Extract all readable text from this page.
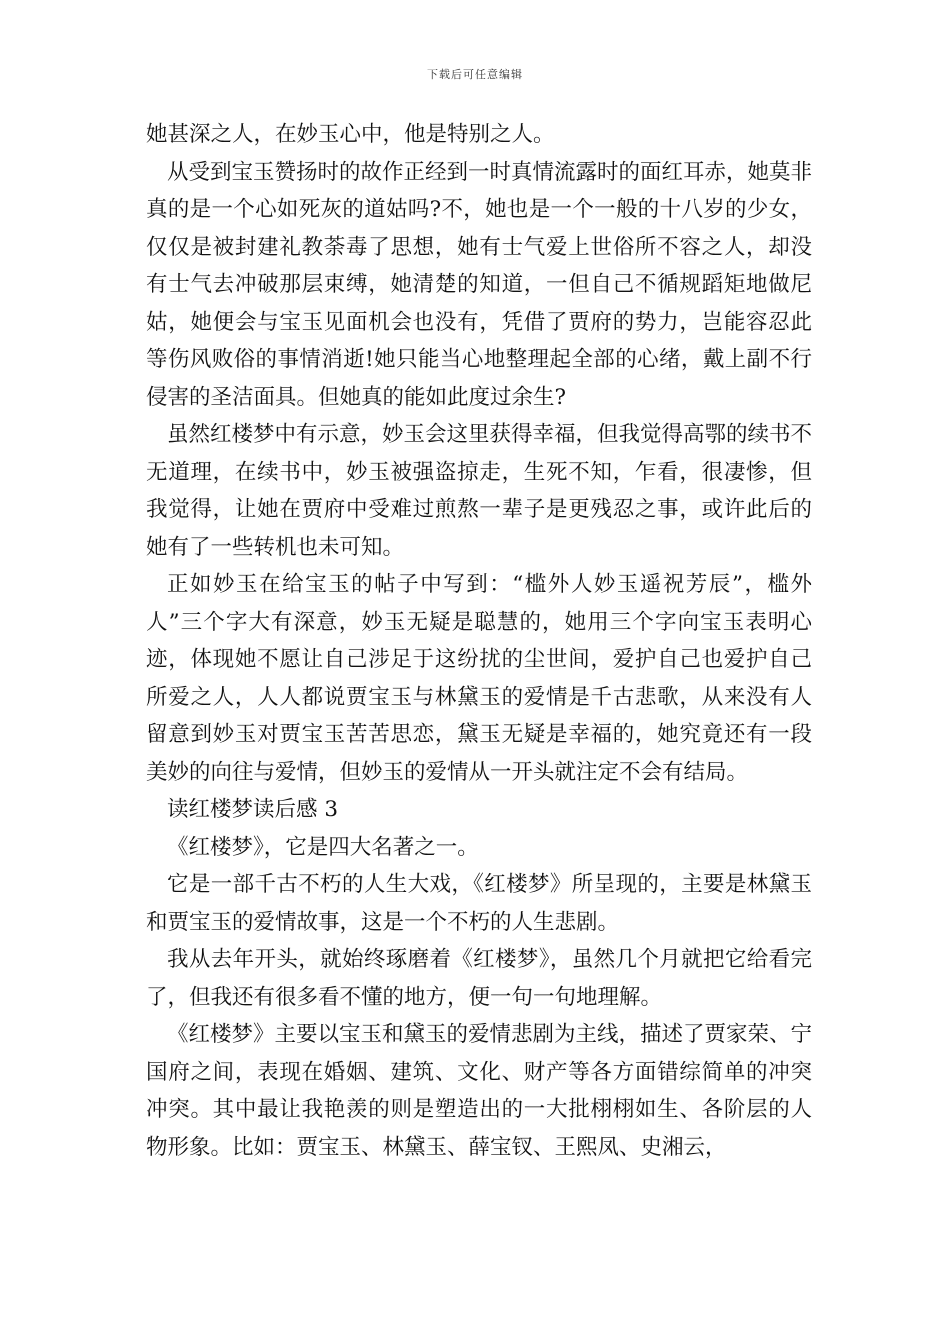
下载后可任意编辑

她甚深之人，在妙玉心中，他是特别之人。

从受到宝玉赞扬时的故作正经到一时真情流露时的面红耳赤，她莫非真的是一个心如死灰的道姑吗?不，她也是一个一般的十八岁的少女，仅仅是被封建礼教荼毒了思想，她有士气爱上世俗所不容之人，却没有士气去冲破那层束缚，她清楚的知道，一但自己不循规蹈矩地做尼姑，她便会与宝玉见面机会也没有，凭借了贾府的势力，岂能容忍此等伤风败俗的事情消逝!她只能当心地整理起全部的心绪，戴上副不行侵害的圣洁面具。但她真的能如此度过余生?

虽然红楼梦中有示意，妙玉会这里获得幸福，但我觉得高鄂的续书不无道理，在续书中，妙玉被强盗掠走，生死不知，乍看，很凄惨，但我觉得，让她在贾府中受难过煎熬一辈子是更残忍之事，或许此后的她有了一些转机也未可知。

正如妙玉在给宝玉的帖子中写到：“槛外人妙玉遥祝芳辰”，槛外人”三个字大有深意，妙玉无疑是聪慧的，她用三个字向宝玉表明心迹，体现她不愿让自己涉足于这纷扰的尘世间，爱护自己也爱护自己所爱之人，人人都说贾宝玉与林黛玉的爱情是千古悲歌，从来没有人留意到妙玉对贾宝玉苦苦思恋，黛玉无疑是幸福的，她究竟还有一段美妙的向往与爱情，但妙玉的爱情从一开头就注定不会有结局。

读红楼梦读后感 3

《红楼梦》，它是四大名著之一。

它是一部千古不朽的人生大戏，《红楼梦》所呈现的，主要是林黛玉和贾宝玉的爱情故事，这是一个不朽的人生悲剧。

我从去年开头，就始终琢磨着《红楼梦》，虽然几个月就把它给看完了，但我还有很多看不懂的地方，便一句一句地理解。

《红楼梦》主要以宝玉和黛玉的爱情悲剧为主线，描述了贾家荣、宁国府之间，表现在婚姻、建筑、文化、财产等各方面错综简单的冲突冲突。其中最让我艳羡的则是塑造出的一大批栩栩如生、各阶层的人物形象。比如：贾宝玉、林黛玉、薛宝钗、王熙凤、史湘云，
